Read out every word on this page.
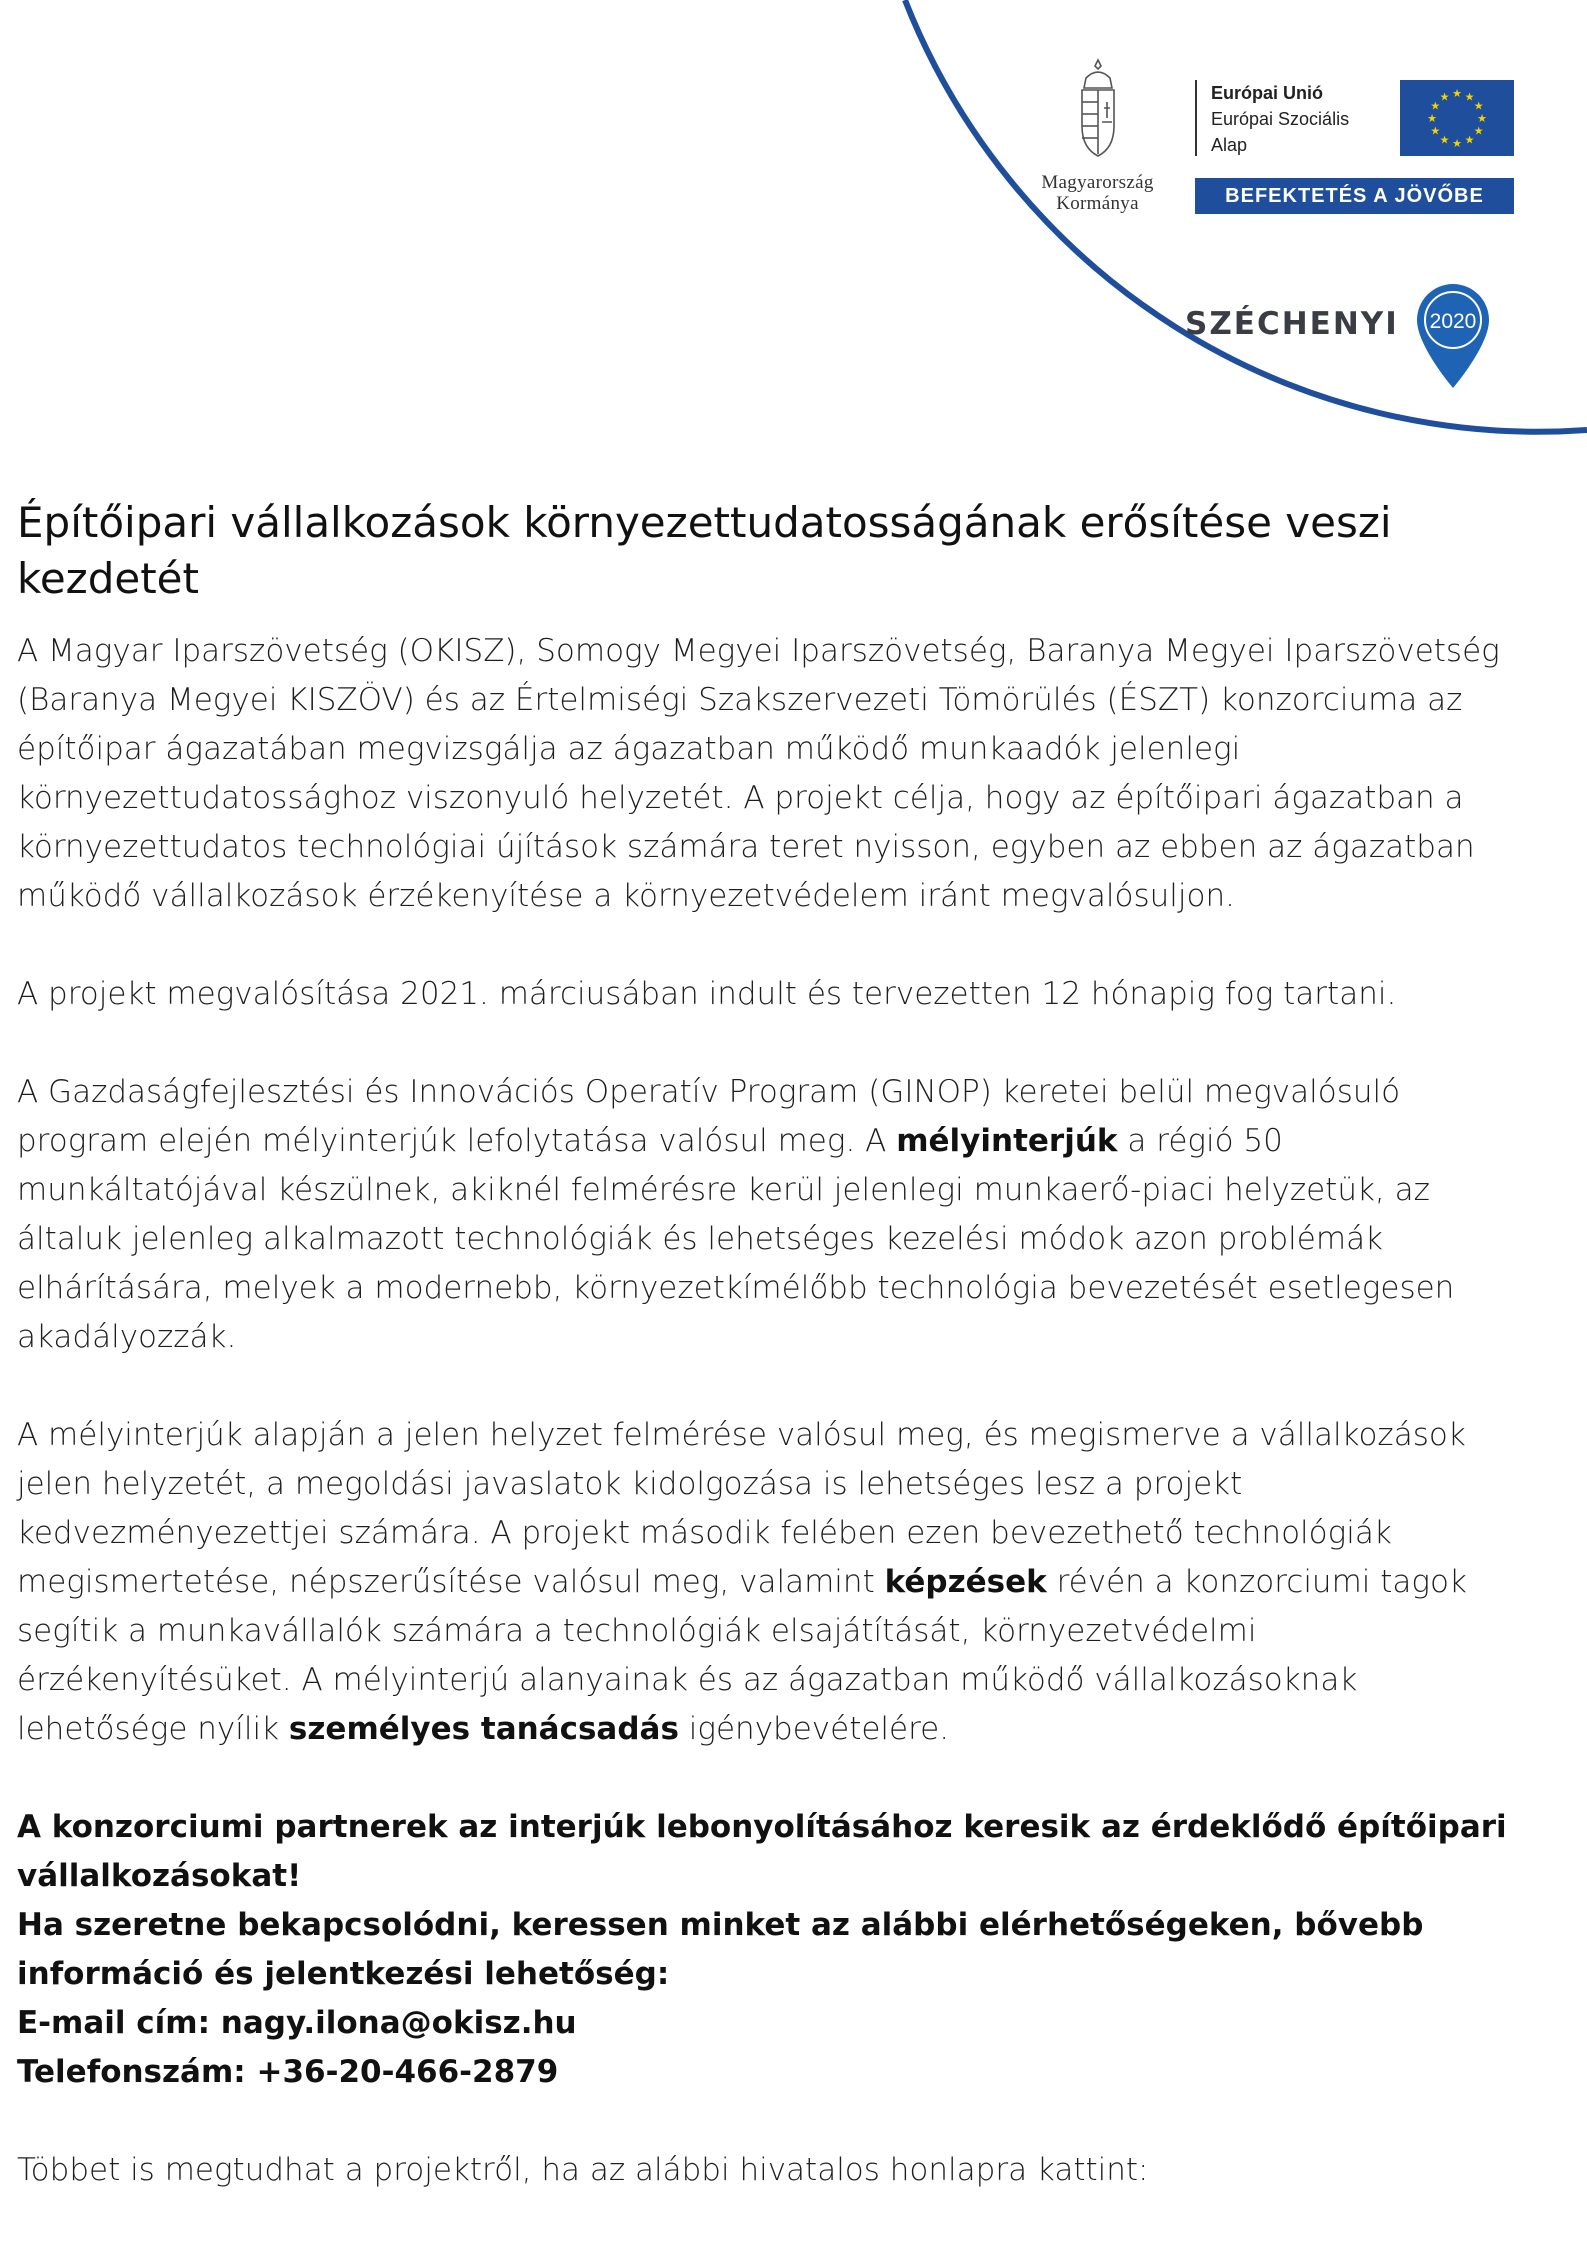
Magyarország
Kormánya
Európai Unió
Európai Szociális
Alap
★
★
★
★
★
★
★
★
★ ★ ★
★
BEFEKTETÉS A JÖVŐBE
SZÉCHENYI 2020
Építőipari vállalkozások környezettudatosságának erősítése veszi kezdetét

A Magyar Iparszövetség (OKISZ), Somogy Megyei Iparszövetség, Baranya Megyei Iparszövetség (Baranya Megyei KISZÖV) és az Értelmiségi Szakszervezeti Tömörülés (ÉSZT) konzorciuma az építőipar ágazatában megvizsgálja az ágazatban működő munkaadók jelenlegi környezettudatossághoz viszonyuló helyzetét. A projekt célja, hogy az építőipari ágazatban a környezettudatos technológiai újítások számára teret nyisson, egyben az ebben az ágazatban működő vállalkozások érzékenyítése a környezetvédelem iránt megvalósuljon.

A projekt megvalósítása 2021. márciusában indult és tervezetten 12 hónapig fog tartani.

A Gazdaságfejlesztési és Innovációs Operatív Program (GINOP) keretei belül megvalósuló program elején mélyinterjúk lefolytatása valósul meg. A mélyinterjúk a régió 50 munkáltatójával készülnek, akiknél felmérésre kerül jelenlegi munkaerő-piaci helyzetük, az általuk jelenleg alkalmazott technológiák és lehetséges kezelési módok azon problémák elhárítására, melyek a modernebb, környezetkímélőbb technológia bevezetését esetlegesen akadályozzák.

A mélyinterjúk alapján a jelen helyzet felmérése valósul meg, és megismerve a vállalkozások jelen helyzetét, a megoldási javaslatok kidolgozása is lehetséges lesz a projekt kedvezményezettjei számára. A projekt második felében ezen bevezethető technológiák megismertetése, népszerűsítése valósul meg, valamint képzések révén a konzorciumi tagok segítik a munkavállalók számára a technológiák elsajátítását, környezetvédelmi érzékenyítésüket. A mélyinterjú alanyainak és az ágazatban működő vállalkozásoknak lehetősége nyílik személyes tanácsadás igénybevételére.

A konzorciumi partnerek az interjúk lebonyolításához keresik az érdeklődő építőipari vállalkozásokat!
Ha szeretne bekapcsolódni, keressen minket az alábbi elérhetőségeken, bővebb információ és jelentkezési lehetőség:
E-mail cím: nagy.ilona@okisz.hu
Telefonszám: +36-20-466-2879

Többet is megtudhat a projektről, ha az alábbi hivatalos honlapra kattint:
